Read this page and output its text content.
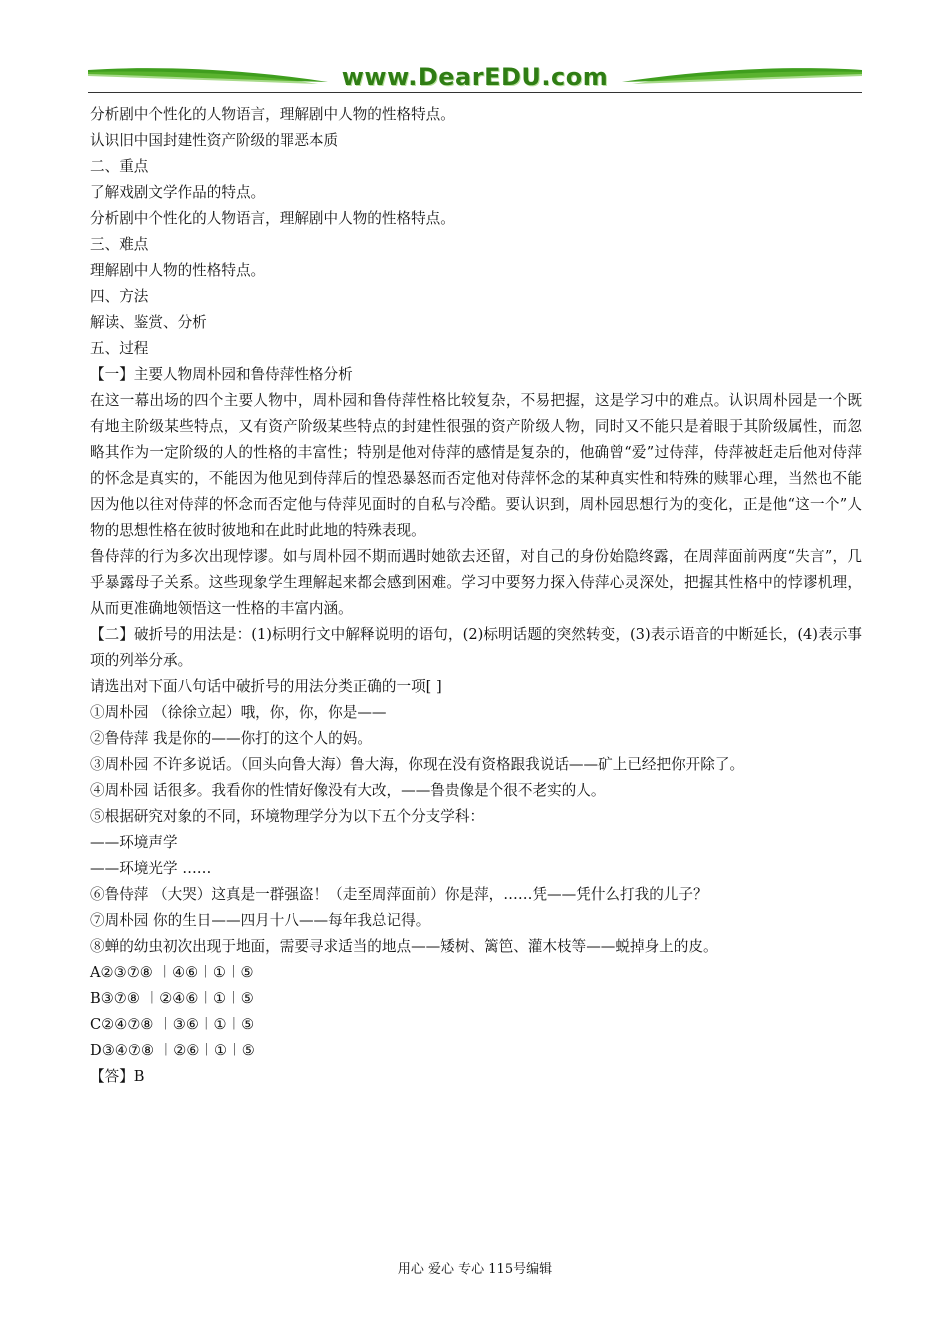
www.DearEDU.com

分析剧中个性化的人物语言，理解剧中人物的性格特点。

认识旧中国封建性资产阶级的罪恶本质

二、重点

了解戏剧文学作品的特点。

分析剧中个性化的人物语言，理解剧中人物的性格特点。

三、难点

理解剧中人物的性格特点。

四、方法

解读、鉴赏、分析

五、过程

【一】主要人物周朴园和鲁侍萍性格分析

在这一幕出场的四个主要人物中，周朴园和鲁侍萍性格比较复杂，不易把握，这是学习中的难点。认识周朴园是一个既有地主阶级某些特点，又有资产阶级某些特点的封建性很强的资产阶级人物，同时又不能只是着眼于其阶级属性，而忽略其作为一定阶级的人的性格的丰富性；特别是他对侍萍的感情是复杂的，他确曾“爱”过侍萍，侍萍被赶走后他对侍萍的怀念是真实的，不能因为他见到侍萍后的惶恐暴怒而否定他对侍萍怀念的某种真实性和特殊的赎罪心理，当然也不能因为他以往对侍萍的怀念而否定他与侍萍见面时的自私与冷酷。要认识到，周朴园思想行为的变化，正是他“这一个”人物的思想性格在彼时彼地和在此时此地的特殊表现。

鲁侍萍的行为多次出现悖谬。如与周朴园不期而遇时她欲去还留，对自己的身份始隐终露，在周萍面前两度“失言”，几乎暴露母子关系。这些现象学生理解起来都会感到困难。学习中要努力探入侍萍心灵深处，把握其性格中的悖谬机理，从而更准确地领悟这一性格的丰富内涵。

【二】破折号的用法是：(1)标明行文中解释说明的语句，(2)标明话题的突然转变，(3)表示语音的中断延长，(4)表示事项的列举分承。

请选出对下面八句话中破折号的用法分类正确的一项[ ]

①周朴园 （徐徐立起）哦，你，你，你是——

②鲁侍萍 我是你的——你打的这个人的妈。

③周朴园 不许多说话。（回头向鲁大海）鲁大海，你现在没有资格跟我说话——矿上已经把你开除了。

④周朴园 话很多。我看你的性情好像没有大改，——鲁贵像是个很不老实的人。

⑤根据研究对象的不同，环境物理学分为以下五个分支学科：

——环境声学

——环境光学 ……

⑥鲁侍萍 （大哭）这真是一群强盗！（走至周萍面前）你是萍，……凭——凭什么打我的儿子？

⑦周朴园 你的生日——四月十八——每年我总记得。

⑧蝉的幼虫初次出现于地面，需要寻求适当的地点——矮树、篱笆、灌木枝等——蜕掉身上的皮。

A②③⑦⑧ ︱④⑥︱①︱⑤

B③⑦⑧ ︱②④⑥︱①︱⑤

C②④⑦⑧ ︱③⑥︱①︱⑤

D③④⑦⑧ ︱②⑥︱①︱⑤

【答】B

用心 爱心 专心 115号编辑
